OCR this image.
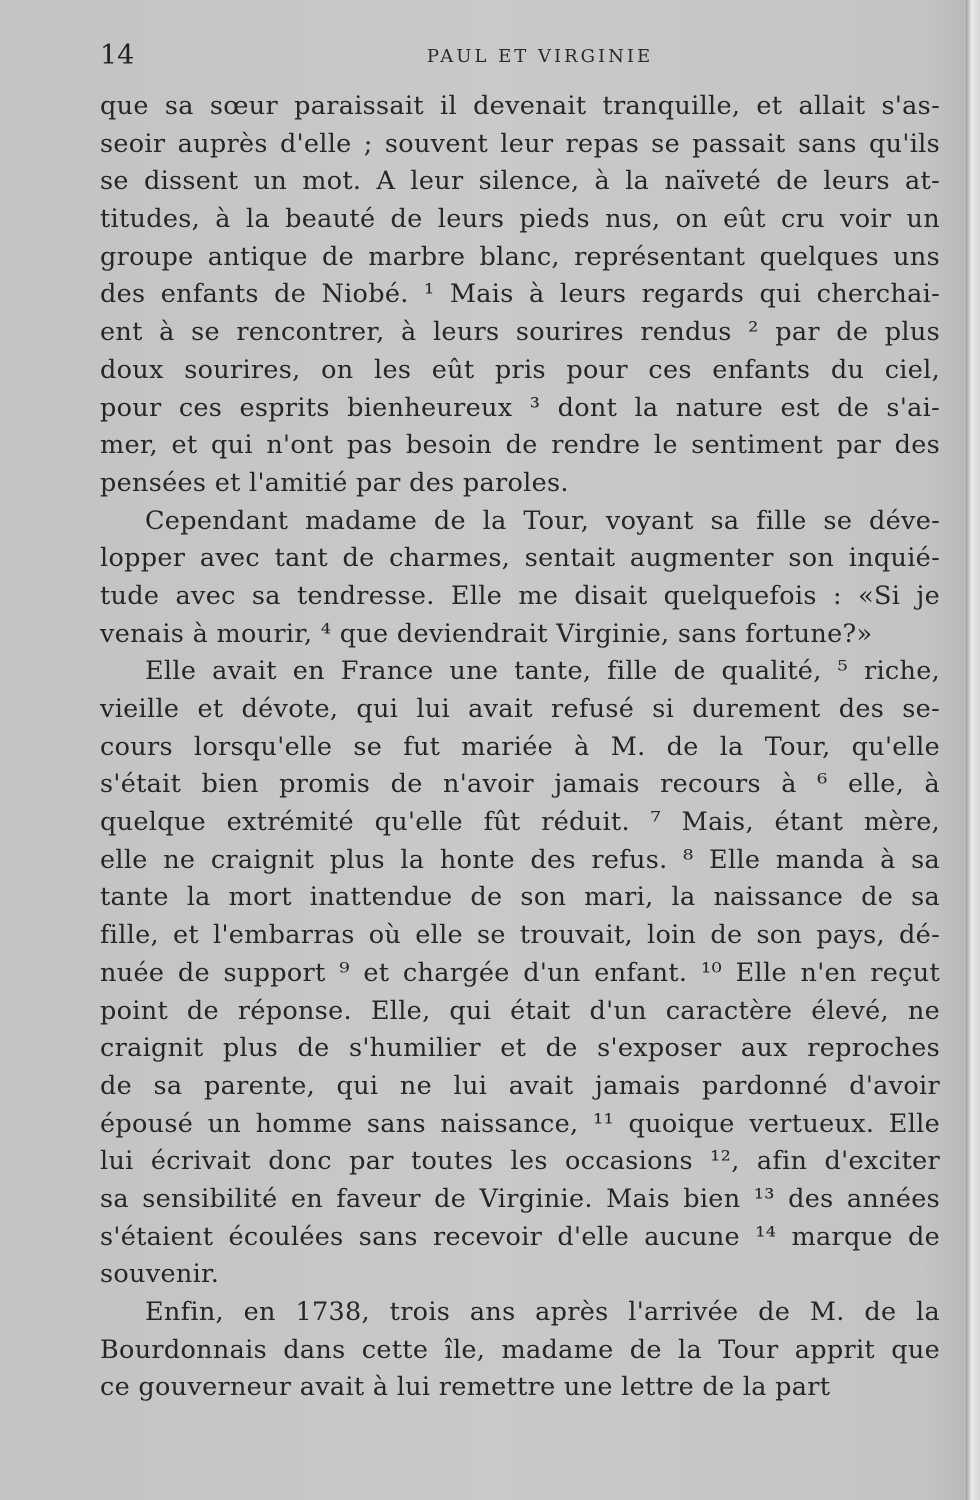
14	PAUL ET VIRGINIE
que sa sœur paraissait il devenait tranquille, et allait s'as-
seoir auprès d'elle ; souvent leur repas se passait sans qu'ils
se dissent un mot. A leur silence, à la naïveté de leurs at-
titudes, à la beauté de leurs pieds nus, on eût cru voir un
groupe antique de marbre blanc, représentant quelques uns
des enfants de Niobé. ¹ Mais à leurs regards qui cherchai-
ent à se rencontrer, à leurs sourires rendus ² par de plus
doux sourires, on les eût pris pour ces enfants du ciel,
pour ces esprits bienheureux ³ dont la nature est de s'ai-
mer, et qui n'ont pas besoin de rendre le sentiment par des
pensées et l'amitié par des paroles.
Cependant madame de la Tour, voyant sa fille se déve-
lopper avec tant de charmes, sentait augmenter son inquié-
tude avec sa tendresse. Elle me disait quelquefois : «Si je
venais à mourir, ⁴ que deviendrait Virginie, sans fortune?»
Elle avait en France une tante, fille de qualité, ⁵ riche,
vieille et dévote, qui lui avait refusé si durement des se-
cours lorsqu'elle se fut mariée à M. de la Tour, qu'elle
s'était bien promis de n'avoir jamais recours à ⁶ elle, à
quelque extrémité qu'elle fût réduit. ⁷ Mais, étant mère,
elle ne craignit plus la honte des refus. ⁸ Elle manda à sa
tante la mort inattendue de son mari, la naissance de sa
fille, et l'embarras où elle se trouvait, loin de son pays, dé-
nuée de support ⁹ et chargée d'un enfant. ¹⁰ Elle n'en reçut
point de réponse. Elle, qui était d'un caractère élevé, ne
craignit plus de s'humilier et de s'exposer aux reproches
de sa parente, qui ne lui avait jamais pardonné d'avoir
épousé un homme sans naissance, ¹¹ quoique vertueux. Elle
lui écrivait donc par toutes les occasions ¹², afin d'exciter
sa sensibilité en faveur de Virginie. Mais bien ¹³ des années
s'étaient écoulées sans recevoir d'elle aucune ¹⁴ marque de
souvenir.
Enfin, en 1738, trois ans après l'arrivée de M. de la
Bourdonnais dans cette île, madame de la Tour apprit que
ce gouverneur avait à lui remettre une lettre de la part
